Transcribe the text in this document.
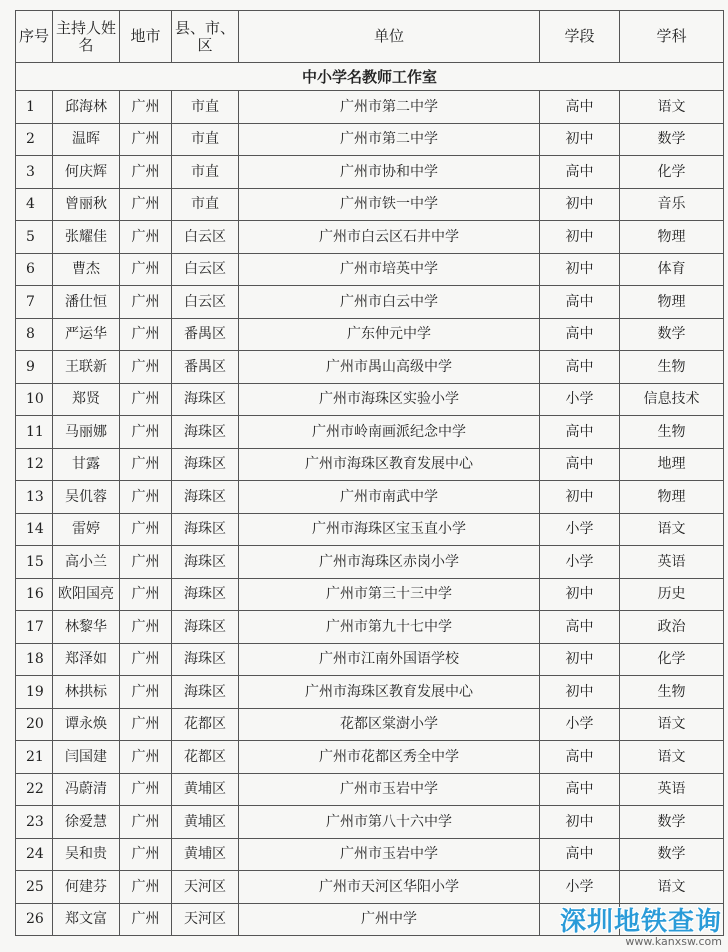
序号	主持人姓名	地市	县、市、区	单位	学段	学科
中小学名教师工作室						
1	邱海林	广州	市直	广州市第二中学	高中	语文
2	温晖	广州	市直	广州市第二中学	初中	数学
3	何庆辉	广州	市直	广州市协和中学	高中	化学
4	曾丽秋	广州	市直	广州市铁一中学	初中	音乐
5	张耀佳	广州	白云区	广州市白云区石井中学	初中	物理
6	曹杰	广州	白云区	广州市培英中学	初中	体育
7	潘仕恒	广州	白云区	广州市白云中学	高中	物理
8	严运华	广州	番禺区	广东仲元中学	高中	数学
9	王联新	广州	番禺区	广州市禺山高级中学	高中	生物
10	郑贤	广州	海珠区	广州市海珠区实验小学	小学	信息技术
11	马丽娜	广州	海珠区	广州市岭南画派纪念中学	高中	生物
12	甘露	广州	海珠区	广州市海珠区教育发展中心	高中	地理
13	吴仉蓉	广州	海珠区	广州市南武中学	初中	物理
14	雷婷	广州	海珠区	广州市海珠区宝玉直小学	小学	语文
15	高小兰	广州	海珠区	广州市海珠区赤岗小学	小学	英语
16	欧阳国亮	广州	海珠区	广州市第三十三中学	初中	历史
17	林黎华	广州	海珠区	广州市第九十七中学	高中	政治
18	郑泽如	广州	海珠区	广州市江南外国语学校	初中	化学
19	林拱标	广州	海珠区	广州市海珠区教育发展中心	初中	生物
20	谭永焕	广州	花都区	花都区棠澍小学	小学	语文
21	闫国建	广州	花都区	广州市花都区秀全中学	高中	语文
22	冯蔚清	广州	黄埔区	广州市玉岩中学	高中	英语
23	徐爱慧	广州	黄埔区	广州市第八十六中学	初中	数学
24	吴和贵	广州	黄埔区	广州市玉岩中学	高中	数学
25	何建芬	广州	天河区	广州市天河区华阳小学	小学	语文
26	郑文富	广州	天河区	广州中学			深圳地铁查询
www.kanxsw.com
